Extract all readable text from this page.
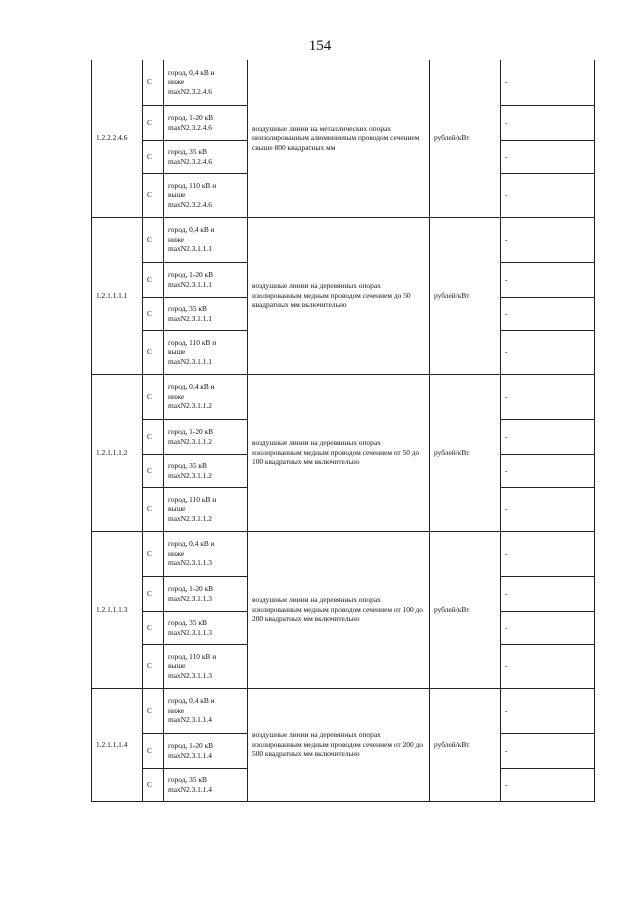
154
1.2.2.2.4.6	С	город, 0,4 кВ и
ниже
maxN2.3.2.4.6	воздушные линии на металлических опорах неизолированным алюминиевым проводом сечением свыше 800 квадратных мм	рублей/кВт	-
	С	город, 1-20 кВ
maxN2.3.2.4.6			-
	С	город, 35 кВ
maxN2.3.2.4.6			-
	С	город, 110 кВ и
выше
maxN2.3.2.4.6			-
1.2.1.1.1.1	С	город, 0,4 кВ и
ниже
maxN2.3.1.1.1	воздушные линии на деревянных опорах изолированным медным проводом сечением до 50 квадратных мм включительно	рублей/кВт	-
	С	город, 1-20 кВ
maxN2.3.1.1.1			-
	С	город, 35 кВ
maxN2.3.1.1.1			-
	С	город, 110 кВ и
выше
maxN2.3.1.1.1			-
1.2.1.1.1.2	С	город, 0,4 кВ и
ниже
maxN2.3.1.1.2	воздушные линии на деревянных опорах изолированным медным проводом сечением от 50 до 100 квадратных мм включительно	рублей/кВт	-
	С	город, 1-20 кВ
maxN2.3.1.1.2			-
	С	город, 35 кВ
maxN2.3.1.1.2			-
	С	город, 110 кВ и
выше
maxN2.3.1.1.2			-
1.2.1.1.1.3	С	город, 0,4 кВ и
ниже
maxN2.3.1.1.3	воздушные линии на деревянных опорах изолированным медным проводом сечением от 100 до 200 квадратных мм включительно	рублей/кВт	-
	С	город, 1-20 кВ
maxN2.3.1.1.3			-
	С	город, 35 кВ
maxN2.3.1.1.3			-
	С	город, 110 кВ и
выше
maxN2.3.1.1.3			-
1.2.1.1.1.4	С	город, 0,4 кВ и
ниже
maxN2.3.1.1.4	воздушные линии на деревянных опорах изолированным медным проводом сечением от 200 до 500 квадратных мм включительно	рублей/кВт	-
	С	город, 1-20 кВ
maxN2.3.1.1.4			-
	С	город, 35 кВ
maxN2.3.1.1.4			-
